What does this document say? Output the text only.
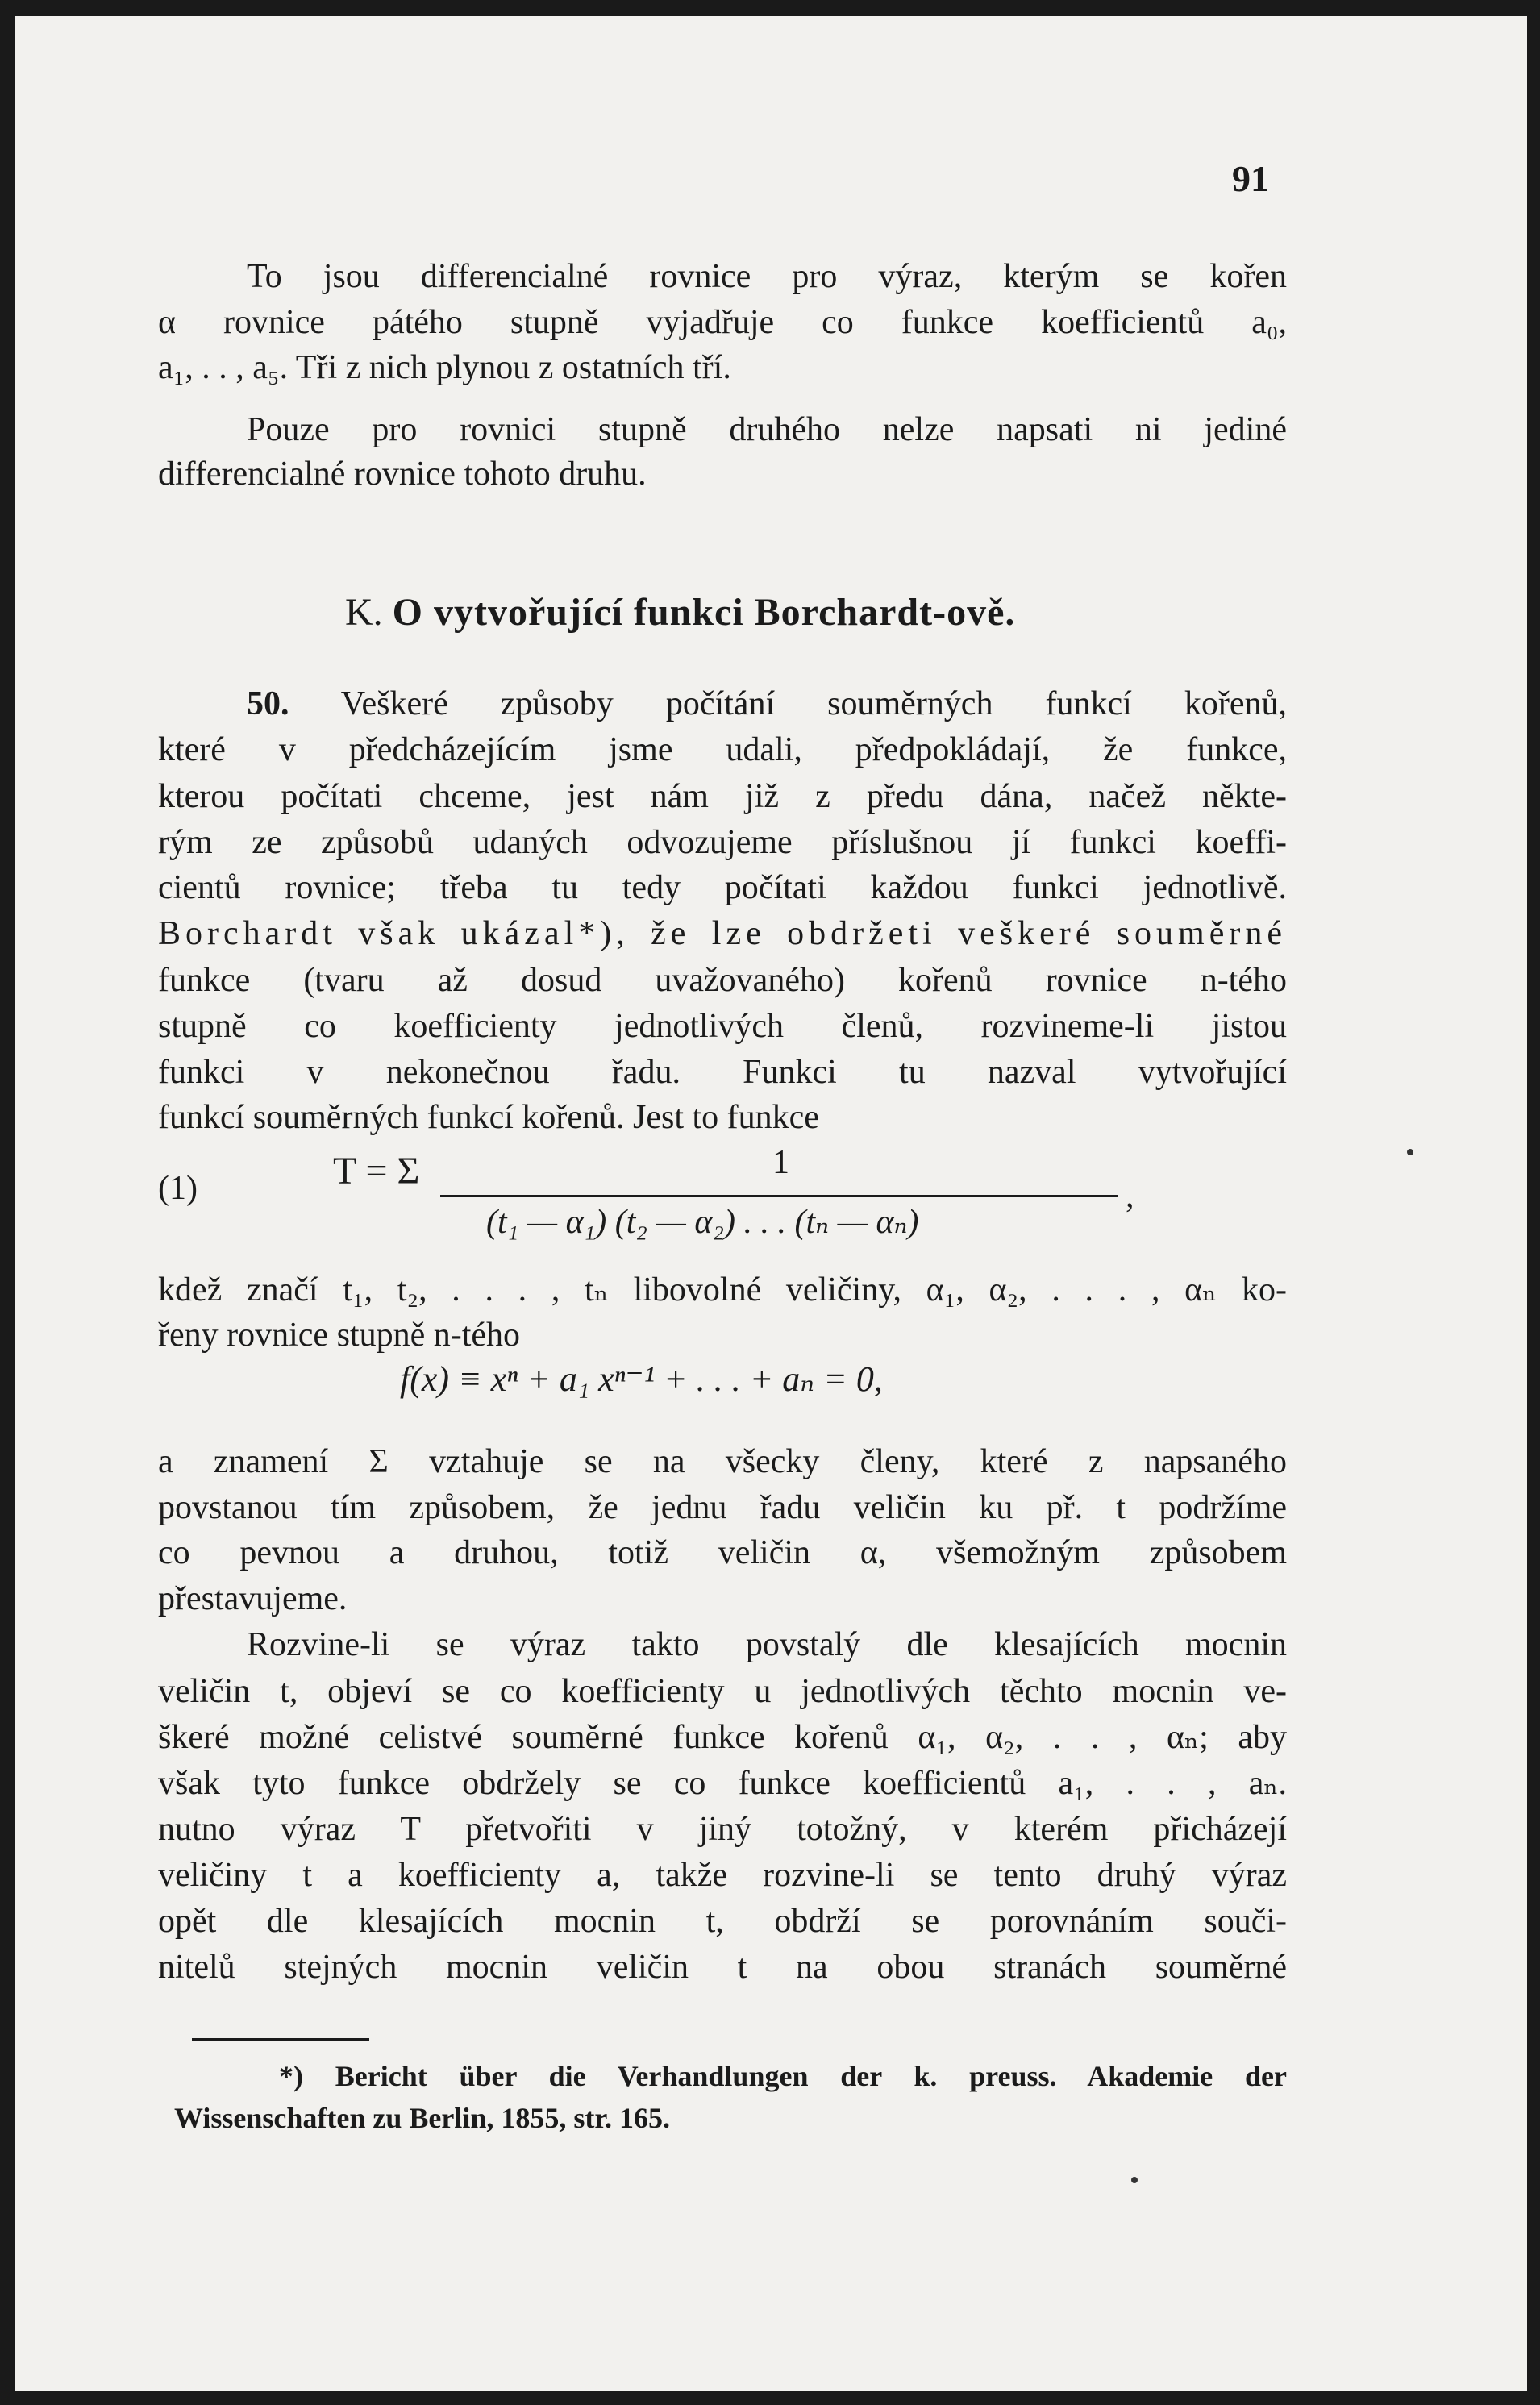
91
To jsou differencialné rovnice pro výraz, kterým se kořen
α rovnice pátého stupně vyjadřuje co funkce koefficientů a₀,
a₁, . . , a₅. Tři z nich plynou z ostatních tří.
Pouze pro rovnici stupně druhého nelze napsati ni jediné
differencialné rovnice tohoto druhu.
K. O vytvořující funkci Borchardt-ově.
50. Veškeré způsoby počítání souměrných funkcí kořenů,
které v předcházejícím jsme udali, předpokládají, že funkce,
kterou počítati chceme, jest nám již z předu dána, načež někte-
rým ze způsobů udaných odvozujeme příslušnou jí funkci koeffi-
cientů rovnice; třeba tu tedy počítati každou funkci jednotlivě.
Borchardt však ukázal*), že lze obdržeti veškeré souměrné
funkce (tvaru až dosud uvažovaného) kořenů rovnice n-tého
stupně co koefficienty jednotlivých členů, rozvineme-li jistou
funkci v nekonečnou řadu. Funkci tu nazval vytvořující
funkcí souměrných funkcí kořenů. Jest to funkce
(1)	T = Σ	1
(t₁ — α₁) (t₂ — α₂) . . . (tₙ — αₙ)
,
kdež značí t₁, t₂, . . . , tₙ libovolné veličiny, α₁, α₂, . . . , αₙ ko-
řeny rovnice stupně n-tého
f(x) ≡ xⁿ + a₁ xⁿ⁻¹ + . . . + aₙ = 0,
a znamení Σ vztahuje se na všecky členy, které z napsaného
povstanou tím způsobem, že jednu řadu veličin ku př. t podržíme
co pevnou a druhou, totiž veličin α, všemožným způsobem
přestavujeme.
Rozvine-li se výraz takto povstalý dle klesajících mocnin
veličin t, objeví se co koefficienty u jednotlivých těchto mocnin ve-
škeré možné celistvé souměrné funkce kořenů α₁, α₂, . . , αₙ; aby
však tyto funkce obdržely se co funkce koefficientů a₁, . . , aₙ.
nutno výraz T přetvořiti v jiný totožný, v kterém přicházejí
veličiny t a koefficienty a, takže rozvine-li se tento druhý výraz
opět dle klesajících mocnin t, obdrží se porovnáním souči-
nitelů stejných mocnin veličin t na obou stranách souměrné
*) Bericht über die Verhandlungen der k. preuss. Akademie der
Wissenschaften zu Berlin, 1855, str. 165.
